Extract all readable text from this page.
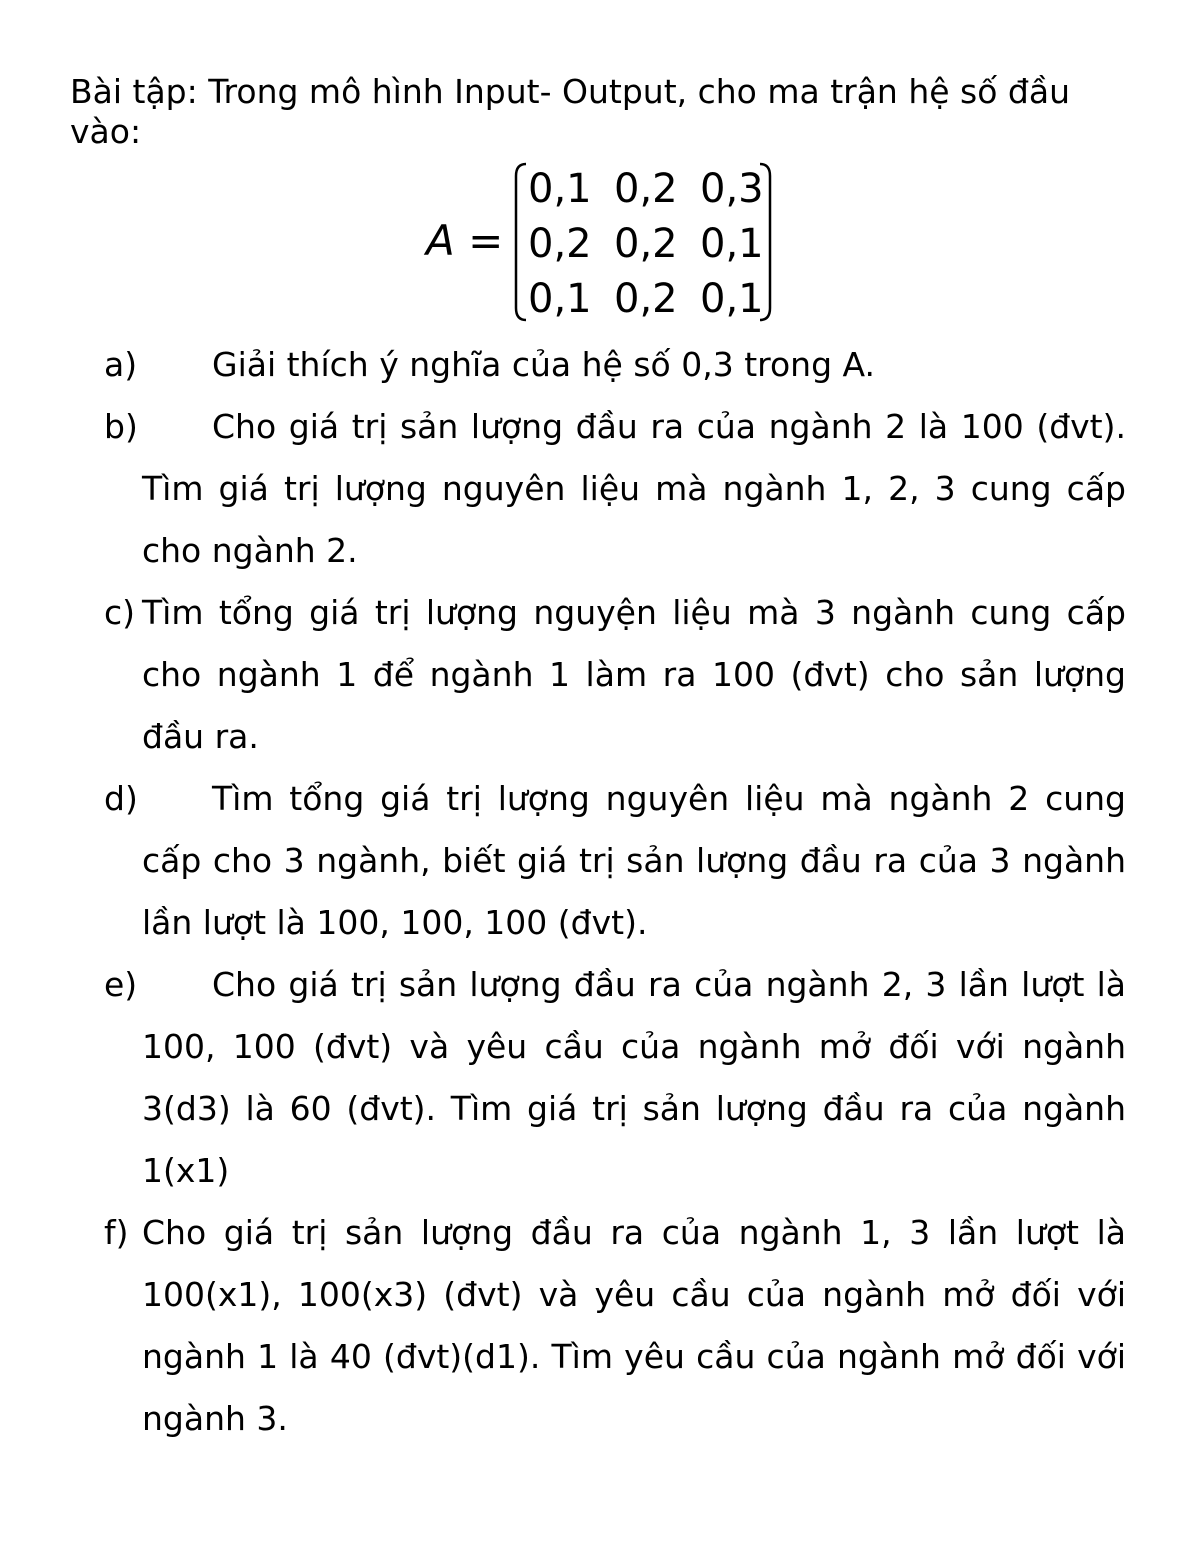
Bài tập: Trong mô hình Input- Output, cho ma trận hệ số đầu vào:
A =
0,1 0,2 0,3
0,2 0,2 0,1
0,1 0,2 0,1

a)	Giải thích ý nghĩa của hệ số 0,3 trong A.

b)	Cho giá trị sản lượng đầu ra của ngành 2 là 100 (đvt). Tìm giá trị lượng nguyên liệu mà ngành 1, 2, 3 cung cấp cho ngành 2.

c) Tìm tổng giá trị lượng nguyện liệu mà 3 ngành cung cấp cho ngành 1 để ngành 1 làm ra 100 (đvt) cho sản lượng đầu ra.

d)	Tìm tổng giá trị lượng nguyên liệu mà ngành 2 cung cấp cho 3 ngành, biết giá trị sản lượng đầu ra của 3 ngành lần lượt là 100, 100, 100 (đvt).

e)	Cho giá trị sản lượng đầu ra của ngành 2, 3 lần lượt là 100, 100 (đvt) và yêu cầu của ngành mở đối với ngành 3(d3) là 60 (đvt). Tìm giá trị sản lượng đầu ra của ngành 1(x1)

f) Cho giá trị sản lượng đầu ra của ngành 1, 3 lần lượt là 100(x1), 100(x3) (đvt) và yêu cầu của ngành mở đối với ngành 1 là 40 (đvt)(d1). Tìm yêu cầu của ngành mở đối với ngành 3.
